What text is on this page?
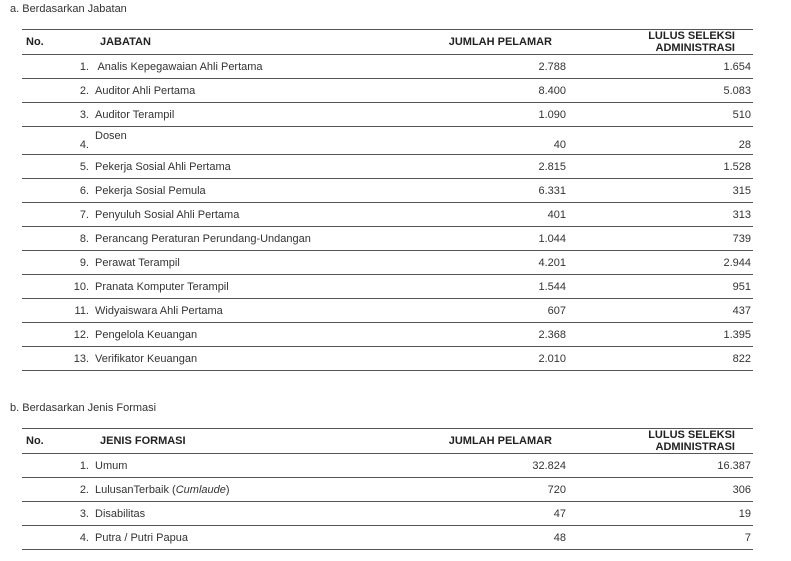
a. Berdasarkan Jabatan
No.	JABATAN	JUMLAH PELAMAR	LULUS SELEKSI ADMINISTRASI
1.	Analis Kepegawaian Ahli Pertama	2.788	1.654
2.	Auditor Ahli Pertama	8.400	5.083
3.	Auditor Terampil	1.090	510
4.	Dosen	40	28
5.	Pekerja Sosial Ahli Pertama	2.815	1.528
6.	Pekerja Sosial Pemula	6.331	315
7.	Penyuluh Sosial Ahli Pertama	401	313
8.	Perancang Peraturan Perundang-Undangan	1.044	739
9.	Perawat Terampil	4.201	2.944
10.	Pranata Komputer Terampil	1.544	951
11.	Widyaiswara Ahli Pertama	607	437
12.	Pengelola Keuangan	2.368	1.395
13.	Verifikator Keuangan	2.010	822
b. Berdasarkan Jenis Formasi
No.	JENIS FORMASI	JUMLAH PELAMAR	LULUS SELEKSI ADMINISTRASI
1.	Umum	32.824	16.387
2.	LulusanTerbaik (Cumlaude)	720	306
3.	Disabilitas	47	19
4.	Putra / Putri Papua	48	7
